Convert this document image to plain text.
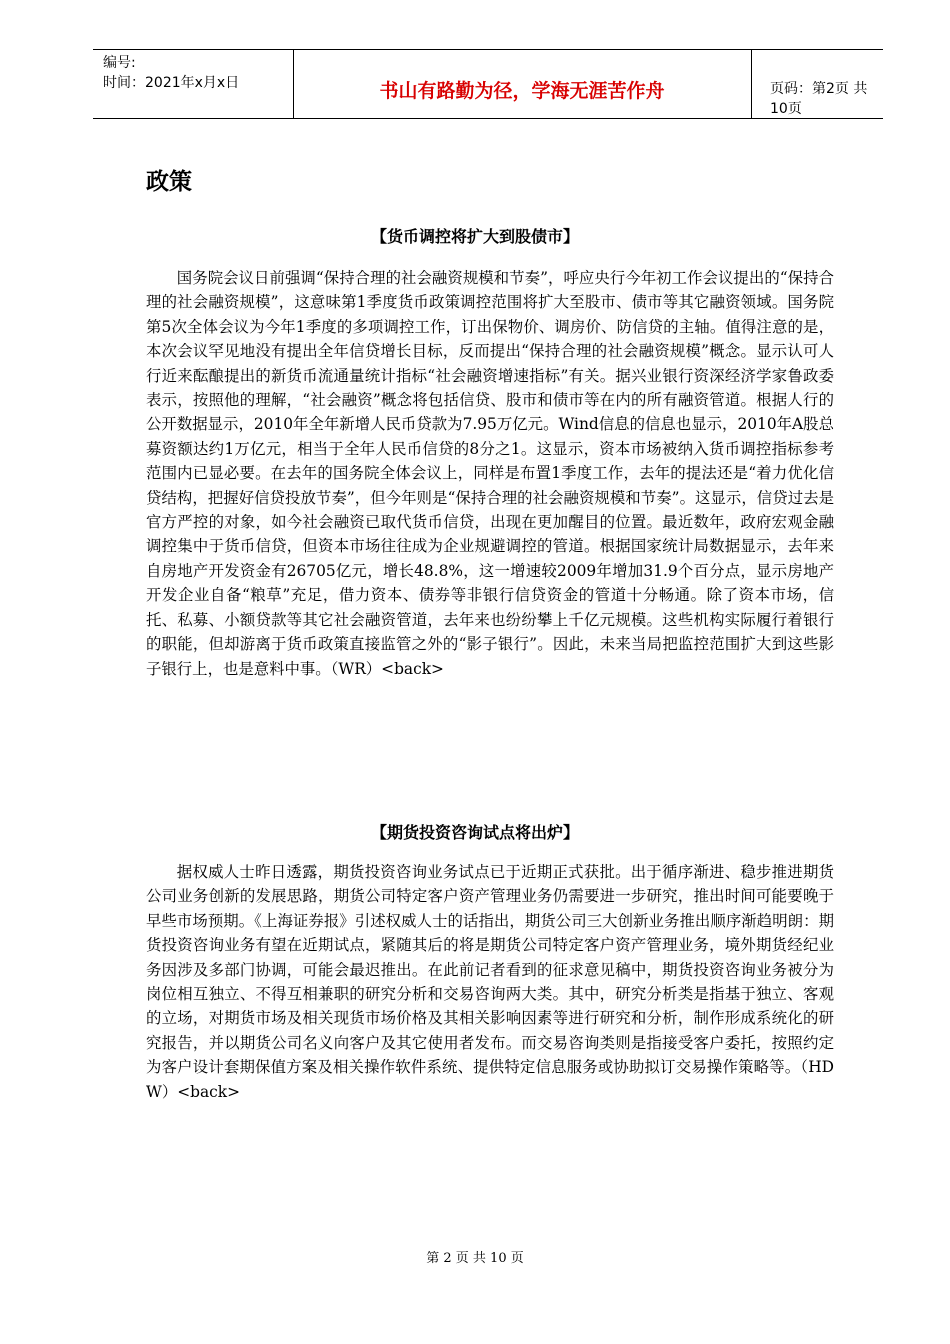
编号:
时间：2021年x月x日	书山有路勤为径，学海无涯苦作舟	页码：第2页 共10页
政策
【货币调控将扩大到股债市】
国务院会议日前强调“保持合理的社会融资规模和节奏”，呼应央行今年初工作会议提出的“保持合理的社会融资规模”，这意味第1季度货币政策调控范围将扩大至股市、债市等其它融资领域。国务院第5次全体会议为今年1季度的多项调控工作，订出保物价、调房价、防信贷的主轴。值得注意的是，本次会议罕见地没有提出全年信贷增长目标，反而提出“保持合理的社会融资规模”概念。显示认可人行近来酝酿提出的新货币流通量统计指标“社会融资增速指标”有关。据兴业银行资深经济学家鲁政委表示，按照他的理解，“社会融资”概念将包括信贷、股市和债市等在内的所有融资管道。根据人行的公开数据显示，2010年全年新增人民币贷款为7.95万亿元。Wind信息的信息也显示，2010年A股总募资额达约1万亿元，相当于全年人民币信贷的8分之1。这显示，资本市场被纳入货币调控指标参考范围内已显必要。在去年的国务院全体会议上，同样是布置1季度工作，去年的提法还是“着力优化信贷结构，把握好信贷投放节奏”，但今年则是“保持合理的社会融资规模和节奏”。这显示，信贷过去是官方严控的对象，如今社会融资已取代货币信贷，出现在更加醒目的位置。最近数年，政府宏观金融调控集中于货币信贷，但资本市场往往成为企业规避调控的管道。根据国家统计局数据显示，去年来自房地产开发资金有26705亿元，增长48.8%，这一增速较2009年增加31.9个百分点，显示房地产开发企业自备“粮草”充足，借力资本、债券等非银行信贷资金的管道十分畅通。除了资本市场，信托、私募、小额贷款等其它社会融资管道，去年来也纷纷攀上千亿元规模。这些机构实际履行着银行的职能，但却游离于货币政策直接监管之外的“影子银行”。因此，未来当局把监控范围扩大到这些影子银行上，也是意料中事。（WR）<back>
【期货投资咨询试点将出炉】
据权威人士昨日透露，期货投资咨询业务试点已于近期正式获批。出于循序渐进、稳步推进期货公司业务创新的发展思路，期货公司特定客户资产管理业务仍需要进一步研究，推出时间可能要晚于早些市场预期。《上海证券报》引述权威人士的话指出，期货公司三大创新业务推出顺序渐趋明朗：期货投资咨询业务有望在近期试点，紧随其后的将是期货公司特定客户资产管理业务，境外期货经纪业务因涉及多部门协调，可能会最迟推出。在此前记者看到的征求意见稿中，期货投资咨询业务被分为岗位相互独立、不得互相兼职的研究分析和交易咨询两大类。其中，研究分析类是指基于独立、客观的立场，对期货市场及相关现货市场价格及其相关影响因素等进行研究和分析，制作形成系统化的研究报告，并以期货公司名义向客户及其它使用者发布。而交易咨询类则是指接受客户委托，按照约定为客户设计套期保值方案及相关操作软件系统、提供特定信息服务或协助拟订交易操作策略等。（HDW）<back>
第 2 页 共 10 页
